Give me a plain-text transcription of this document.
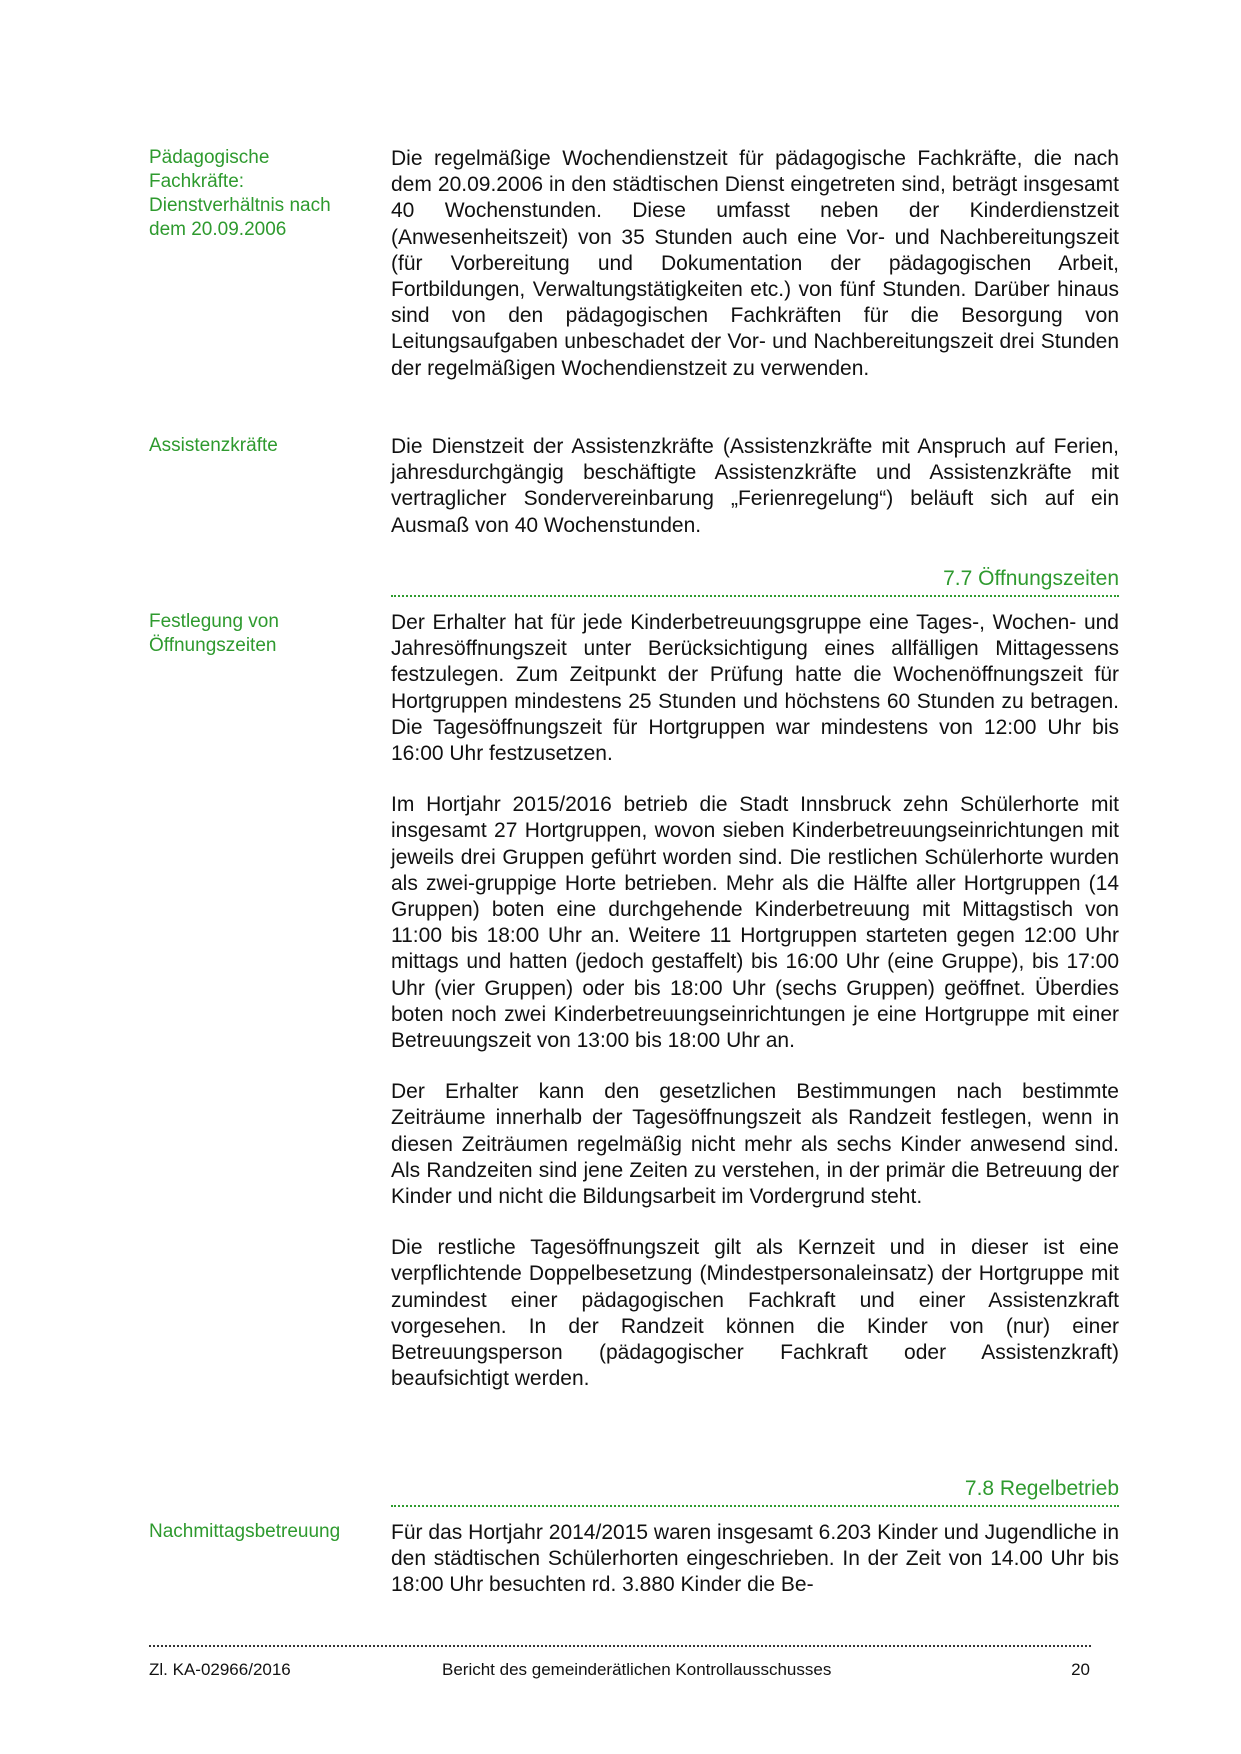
Pädagogische
Fachkräfte:
Dienstverhältnis nach
dem 20.09.2006

Die regelmäßige Wochendienstzeit für pädagogische Fachkräfte, die nach dem 20.09.2006 in den städtischen Dienst eingetreten sind, beträgt insgesamt 40 Wochenstunden. Diese umfasst neben der Kinderdienstzeit (Anwesenheitszeit) von 35 Stunden auch eine Vor- und Nachbereitungszeit (für Vorbereitung und Dokumentation der pädagogischen Arbeit, Fortbildungen, Verwaltungstätigkeiten etc.) von fünf Stunden. Darüber hinaus sind von den pädagogischen Fachkräften für die Besorgung von Leitungsaufgaben unbeschadet der Vor- und Nachbereitungszeit drei Stunden der regelmäßigen Wochendienstzeit zu verwenden.

Assistenzkräfte	Die Dienstzeit der Assistenzkräfte (Assistenzkräfte mit Anspruch auf Ferien, jahresdurchgängig beschäftigte Assistenzkräfte und Assistenzkräfte mit vertraglicher Sondervereinbarung „Ferienregelung“) beläuft sich auf ein Ausmaß von 40 Wochenstunden.

7.7 Öffnungszeiten
Festlegung von
Öffnungszeiten

Der Erhalter hat für jede Kinderbetreuungsgruppe eine Tages-, Wochen- und Jahresöffnungszeit unter Berücksichtigung eines allfälligen Mittagessens festzulegen. Zum Zeitpunkt der Prüfung hatte die Wochenöffnungszeit für Hortgruppen mindestens 25 Stunden und höchstens 60 Stunden zu betragen. Die Tagesöffnungszeit für Hortgruppen war mindestens von 12:00 Uhr bis 16:00 Uhr festzusetzen.

Im Hortjahr 2015/2016 betrieb die Stadt Innsbruck zehn Schülerhorte mit insgesamt 27 Hortgruppen, wovon sieben Kinderbetreuungseinrichtungen mit jeweils drei Gruppen geführt worden sind. Die restlichen Schülerhorte wurden als zwei-gruppige Horte betrieben. Mehr als die Hälfte aller Hortgruppen (14 Gruppen) boten eine durchgehende Kinderbetreuung mit Mittagstisch von 11:00 bis 18:00 Uhr an. Weitere 11 Hortgruppen starteten gegen 12:00 Uhr mittags und hatten (jedoch gestaffelt) bis 16:00 Uhr (eine Gruppe), bis 17:00 Uhr (vier Gruppen) oder bis 18:00 Uhr (sechs Gruppen) geöffnet. Überdies boten noch zwei Kinderbetreuungseinrichtungen je eine Hortgruppe mit einer Betreuungszeit von 13:00 bis 18:00 Uhr an.

Der Erhalter kann den gesetzlichen Bestimmungen nach bestimmte Zeiträume innerhalb der Tagesöffnungszeit als Randzeit festlegen, wenn in diesen Zeiträumen regelmäßig nicht mehr als sechs Kinder anwesend sind. Als Randzeiten sind jene Zeiten zu verstehen, in der primär die Betreuung der Kinder und nicht die Bildungsarbeit im Vordergrund steht.

Die restliche Tagesöffnungszeit gilt als Kernzeit und in dieser ist eine verpflichtende Doppelbesetzung (Mindestpersonaleinsatz) der Hortgruppe mit zumindest einer pädagogischen Fachkraft und einer Assistenzkraft vorgesehen. In der Randzeit können die Kinder von (nur) einer Betreuungsperson (pädagogischer Fachkraft oder Assistenzkraft) beaufsichtigt werden.

7.8 Regelbetrieb
Nachmittagsbetreuung	Für das Hortjahr 2014/2015 waren insgesamt 6.203 Kinder und Jugendliche in den städtischen Schülerhorten eingeschrieben. In der Zeit von 14.00 Uhr bis 18:00 Uhr besuchten rd. 3.880 Kinder die Be-

Zl. KA-02966/2016	Bericht des gemeinderätlichen Kontrollausschusses	20
